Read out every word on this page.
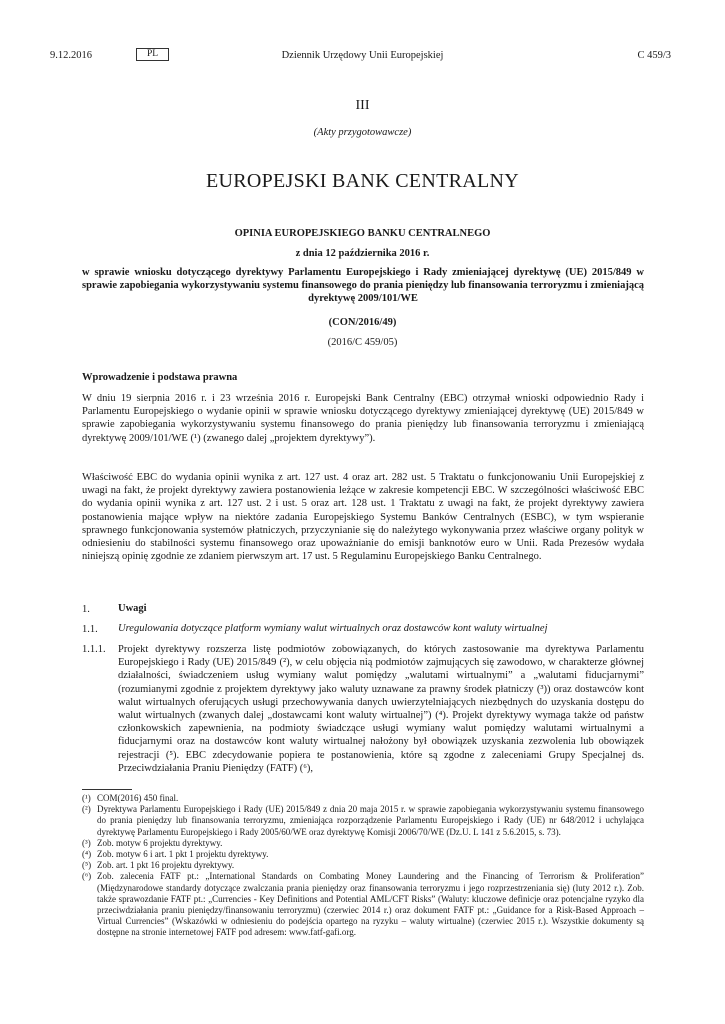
9.12.2016	PL	Dziennik Urzędowy Unii Europejskiej	C 459/3
III
(Akty przygotowawcze)
EUROPEJSKI BANK CENTRALNY
OPINIA EUROPEJSKIEGO BANKU CENTRALNEGO
z dnia 12 października 2016 r.
w sprawie wniosku dotyczącego dyrektywy Parlamentu Europejskiego i Rady zmieniającej dyrektywę (UE) 2015/849 w sprawie zapobiegania wykorzystywaniu systemu finansowego do prania pieniędzy lub finansowania terroryzmu i zmieniającą dyrektywę 2009/101/WE
(CON/2016/49)
(2016/C 459/05)
Wprowadzenie i podstawa prawna
W dniu 19 sierpnia 2016 r. i 23 września 2016 r. Europejski Bank Centralny (EBC) otrzymał wnioski odpowiednio Rady i Parlamentu Europejskiego o wydanie opinii w sprawie wniosku dotyczącego dyrektywy zmieniającej dyrektywę (UE) 2015/849 w sprawie zapobiegania wykorzystywaniu systemu finansowego do prania pieniędzy lub finansowania terroryzmu i zmieniającą dyrektywę 2009/101/WE (¹) (zwanego dalej „projektem dyrektywy”).
Właściwość EBC do wydania opinii wynika z art. 127 ust. 4 oraz art. 282 ust. 5 Traktatu o funkcjonowaniu Unii Europejskiej z uwagi na fakt, że projekt dyrektywy zawiera postanowienia leżące w zakresie kompetencji EBC. W szczególności właściwość EBC do wydania opinii wynika z art. 127 ust. 2 i ust. 5 oraz art. 128 ust. 1 Traktatu z uwagi na fakt, że projekt dyrektywy zawiera postanowienia mające wpływ na niektóre zadania Europejskiego Systemu Banków Centralnych (ESBC), w tym wspieranie sprawnego funkcjonowania systemów płatniczych, przyczynianie się do należytego wykonywania przez właściwe organy polityk w odniesieniu do stabilności systemu finansowego oraz upoważnianie do emisji banknotów euro w Unii. Rada Prezesów wydała niniejszą opinię zgodnie ze zdaniem pierwszym art. 17 ust. 5 Regulaminu Europejskiego Banku Centralnego.
1.	Uwagi
1.1. Uregulowania dotyczące platform wymiany walut wirtualnych oraz dostawców kont waluty wirtualnej
1.1.1. Projekt dyrektywy rozszerza listę podmiotów zobowiązanych, do których zastosowanie ma dyrektywa Parlamentu Europejskiego i Rady (UE) 2015/849 (²), w celu objęcia nią podmiotów zajmujących się zawodowo, w charakterze głównej działalności, świadczeniem usług wymiany walut pomiędzy „walutami wirtualnymi” a „walutami fiducjarnymi” (rozumianymi zgodnie z projektem dyrektywy jako waluty uznawane za prawny środek płatniczy (³)) oraz dostawców kont walut wirtualnych oferujących usługi przechowywania danych uwierzytelniających niezbędnych do uzyskania dostępu do walut wirtualnych (zwanych dalej „dostawcami kont waluty wirtualnej”) (⁴). Projekt dyrektywy wymaga także od państw członkowskich zapewnienia, na podmioty świadczące usługi wymiany walut pomiędzy walutami wirtualnymi a fiducjarnymi oraz na dostawców kont waluty wirtualnej nałożony był obowiązek uzyskania zezwolenia lub obowiązek rejestracji (⁵). EBC zdecydowanie popiera te postanowienia, które są zgodne z zaleceniami Grupy Specjalnej ds. Przeciwdziałania Praniu Pieniędzy (FATF) (⁶),
(¹) COM(2016) 450 final.
(²) Dyrektywa Parlamentu Europejskiego i Rady (UE) 2015/849 z dnia 20 maja 2015 r. w sprawie zapobiegania wykorzystywaniu systemu finansowego do prania pieniędzy lub finansowania terroryzmu, zmieniająca rozporządzenie Parlamentu Europejskiego i Rady (UE) nr 648/2012 i uchylająca dyrektywę Parlamentu Europejskiego i Rady 2005/60/WE oraz dyrektywę Komisji 2006/70/WE (Dz.U. L 141 z 5.6.2015, s. 73).
(³) Zob. motyw 6 projektu dyrektywy.
(⁴) Zob. motyw 6 i art. 1 pkt 1 projektu dyrektywy.
(⁵) Zob. art. 1 pkt 16 projektu dyrektywy.
(⁶) Zob. zalecenia FATF pt.: „International Standards on Combating Money Laundering and the Financing of Terrorism & Proliferation” (Międzynarodowe standardy dotyczące zwalczania prania pieniędzy oraz finansowania terroryzmu i jego rozprzestrzeniania się) (luty 2012 r.). Zob. także sprawozdanie FATF pt.: „Currencies - Key Definitions and Potential AML/CFT Risks” (Waluty: kluczowe definicje oraz potencjalne ryzyko dla przeciwdziałania praniu pieniędzy/finansowaniu terroryzmu) (czerwiec 2014 r.) oraz dokument FATF pt.: „Guidance for a Risk-Based Approach – Virtual Currencies” (Wskazówki w odniesieniu do podejścia opartego na ryzyku – waluty wirtualne) (czerwiec 2015 r.). Wszystkie dokumenty są dostępne na stronie internetowej FATF pod adresem: www.fatf-gafi.org.
